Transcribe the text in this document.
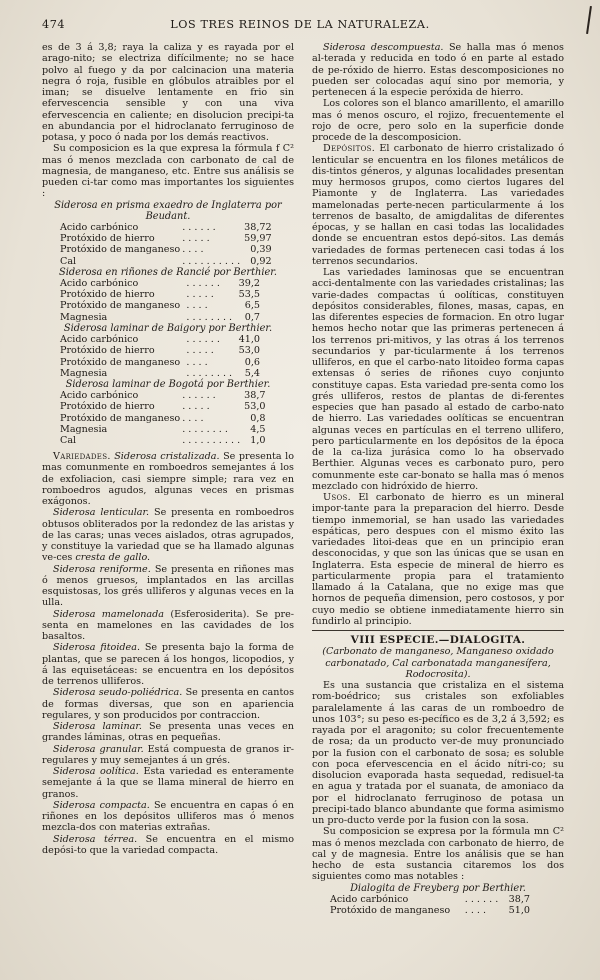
474	LOS TRES REINOS DE LA NATURALEZA.

es de 3 á 3,8; raya la caliza y es rayada por el arago-nito; se electriza difícilmente; no se hace polvo al fuego y da por calcinacion una materia negra ó roja, fusible en glóbulos atraibles por el iman; se disuelve lentamente en frio sin efervescencia sensible y con una viva efervescencia en caliente; en disolucion precipi-ta en abundancia por el hidroclanato ferruginoso de potasa, y poco ó nada por los demás reactivos.

Su composicion es la que expresa la fórmula f C² mas ó menos mezclada con carbonato de cal de magnesia, de manganeso, etc. Entre sus análisis se pueden ci-tar como mas importantes los siguientes :

Siderosa en prisma exaedro de Inglaterra por

Beudant.

Acido carbónico	. . . . . .	38,72
Protóxido de hierro	. . . . .	59,97
Protóxido de manganeso	. . . .	0,39
Cal	. . . . . . . . . .	0,92

Siderosa en riñones de Rancié por Berthier.

Acido carbónico	. . . . . .	39,2
Protóxido de hierro	. . . . .	53,5
Protóxido de manganeso	. . . .	6,5
Magnesia	. . . . . . . .	0,7

Siderosa laminar de Baigory por Berthier.

Acido carbónico	. . . . . .	41,0
Protóxido de hierro	. . . . .	53,0
Protóxido de manganeso	. . . .	0,6
Magnesia	. . . . . . . .	5,4

Siderosa laminar de Bogotá por Berthier.

Acido carbónico	. . . . . .	38,7
Protóxido de hierro	. . . . .	53,0
Protóxido de manganeso	. . . .	0,8
Magnesia	. . . . . . . .	4,5
Cal	. . . . . . . . . .	1,0

Variedades. Siderosa cristalizada. Se presenta lo mas comunmente en romboedros semejantes á los de exfoliacion, casi siempre simple; rara vez en romboedros agudos, algunas veces en prismas exágonos.

Siderosa lenticular. Se presenta en romboedros obtusos obliterados por la redondez de las aristas y de las caras; unas veces aislados, otras agrupados, y constituye la variedad que se ha llamado algunas ve-ces cresta de gallo.

Siderosa reniforme. Se presenta en riñones mas ó menos gruesos, implantados en las arcillas esquistosas, los grés ulliferos y algunas veces en la ulla.

Siderosa mamelonada (Esferosiderita). Se pre-senta en mamelones en las cavidades de los basaltos.

Siderosa fitoidea. Se presenta bajo la forma de plantas, que se parecen á los hongos, licopodios, y á las equisetáceas: se encuentra en los depósitos de terrenos ulliferos.

Siderosa seudo-poliédrica. Se presenta en cantos de formas diversas, que son en apariencia regulares, y son producidos por contraccion.

Siderosa laminar. Se presenta unas veces en grandes láminas, otras en pequeñas.

Siderosa granular. Está compuesta de granos ir-regulares y muy semejantes á un grés.

Siderosa oolítica. Esta variedad es enteramente semejante á la que se llama mineral de hierro en granos.

Siderosa compacta. Se encuentra en capas ó en riñones en los depósitos ulliferos mas ó menos mezcla-dos con materias extrañas.

Siderosa térrea. Se encuentra en el mismo depósi-to que la variedad compacta.

Siderosa descompuesta. Se halla mas ó menos al-terada y reducida en todo ó en parte al estado de pe-róxido de hierro. Estas descomposiciones no pueden ser colocadas aquí sino por memoria, y pertenecen á la especie peróxida de hierro.

Los colores son el blanco amarillento, el amarillo mas ó menos oscuro, el rojizo, frecuentemente el rojo de ocre, pero solo en la superficie donde procede de la descomposicion.

Depósitos. El carbonato de hierro cristalizado ó lenticular se encuentra en los filones metálicos de dis-tintos géneros, y algunas localidades presentan muy hermosos grupos, como ciertos lugares del Piamonte y de Inglaterra. Las variedades mamelonadas perte-necen particularmente á los terrenos de basalto, de amigdalitas de diferentes épocas, y se hallan en casi todas las localidades donde se encuentran estos depó-sitos. Las demás variedades de formas pertenecen casi todas á los terrenos secundarios.

Las variedades laminosas que se encuentran acci-dentalmente con las variedades cristalinas; las varie-dades compactas ú oolíticas, constituyen depósitos considerables, filones, masas, capas, en las diferentes especies de formacion. En otro lugar hemos hecho notar que las primeras pertenecen á los terrenos pri-mitivos, y las otras á los terrenos secundarios y par-ticularmente á los terrenos ulliferos, en que el carbo-nato litoideo forma capas extensas ó series de riñones cuyo conjunto constituye capas. Esta variedad pre-senta como los grés ulliferos, restos de plantas de di-ferentes especies que han pasado al estado de carbo-nato de hierro. Las variedades oolíticas se encuentran algunas veces en partículas en el terreno ullifero, pero particularmente en los depósitos de la época de la ca-liza jurásica como lo ha observado Berthier. Algunas veces es carbonato puro, pero comunmente este car-bonato se halla mas ó menos mezclado con hidróxido de hierro.

Usos. El carbonato de hierro es un mineral impor-tante para la preparacion del hierro. Desde tiempo inmemorial, se han usado las variedades espáticas, pero despues con el mismo éxito las variedades litoi-deas que en un principio eran desconocidas, y que son las únicas que se usan en Inglaterra. Esta especie de mineral de hierro es particularmente propia para el tratamiento llamado á la Catalana, que no exige mas que hornos de pequeña dimension, pero costosos, y por cuyo medio se obtiene inmediatamente hierro sin fundirlo al principio.

VIII ESPECIE.—DIALOGITA.

(Carbonato de manganeso, Manganeso oxidado carbonatado, Cal carbonatada manganesífera, Rodocrosita).

Es una sustancia que cristaliza en el sistema rom-boédrico; sus cristales son exfoliables paralelamente á las caras de un romboedro de unos 103°; su peso es-pecífico es de 3,2 á 3,592; es rayada por el aragonito; su color frecuentemente de rosa; da un producto ver-de muy pronunciado por la fusion con el carbonato de sosa; es soluble con poca efervescencia en el ácido nítri-co; su disolucion evaporada hasta sequedad, redisuel-ta en agua y tratada por el suanata, de amoniaco da por el hidroclanato ferruginoso de potasa un precipi-tado blanco abundante que forma asimismo un pro-ducto verde por la fusion con la sosa.

Su composicion se expresa por la fórmula mn C² mas ó menos mezclada con carbonato de hierro, de cal y de magnesia. Entre los análisis que se han hecho de esta sustancia citaremos los dos siguientes como mas notables :

Dialogita de Freyberg por Berthier.

Acido carbónico	. . . . . .	38,7
Protóxido de manganeso	. . . .	51,0
